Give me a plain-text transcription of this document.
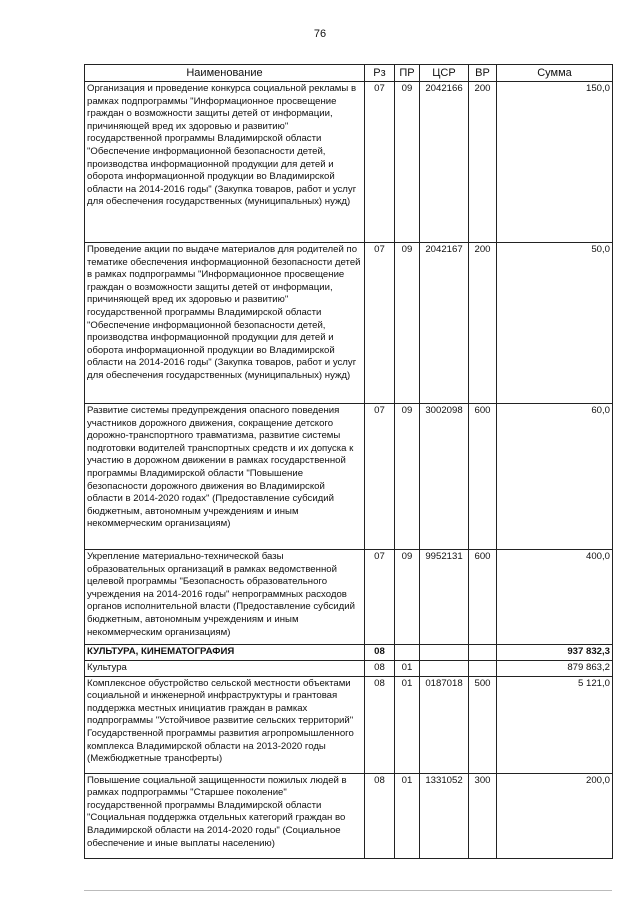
76
Наименование	Рз	ПР	ЦСР	ВР	Сумма
Организация и проведение конкурса социальной рекламы в рамках подпрограммы "Информационное просвещение граждан о возможности защиты детей от информации, причиняющей вред их здоровью и развитию" государственной программы Владимирской области "Обеспечение информационной безопасности детей, производства информационной продукции для детей и оборота информационной продукции во Владимирской области на 2014-2016 годы" (Закупка товаров, работ и услуг для обеспечения государственных (муниципальных) нужд)	07	09	2042166	200	150,0
Проведение акции по выдаче материалов для родителей по тематике обеспечения информационной безопасности детей в рамках подпрограммы "Информационное просвещение граждан о возможности защиты детей от информации, причиняющей вред их здоровью и развитию" государственной программы Владимирской области "Обеспечение информационной безопасности детей, производства информационной продукции для детей и оборота информационной продукции во Владимирской области на 2014-2016 годы" (Закупка товаров, работ и услуг для обеспечения государственных (муниципальных) нужд)	07	09	2042167	200	50,0
Развитие системы предупреждения опасного поведения участников дорожного движения, сокращение детского дорожно-транспортного травматизма, развитие системы подготовки водителей транспортных средств и их допуска к участию в дорожном движении в рамках государственной программы Владимирской области "Повышение безопасности дорожного движения во Владимирской области в 2014-2020 годах" (Предоставление субсидий бюджетным, автономным учреждениям и иным некоммерческим организациям)	07	09	3002098	600	60,0
Укрепление материально-технической базы образовательных организаций в рамках ведомственной целевой программы "Безопасность образовательного учреждения на 2014-2016 годы" непрограммных расходов органов исполнительной власти (Предоставление субсидий бюджетным, автономным учреждениям и иным некоммерческим организациям)	07	09	9952131	600	400,0
КУЛЬТУРА, КИНЕМАТОГРАФИЯ	08				937 832,3
Культура	08	01			879 863,2
Комплексное обустройство сельской местности объектами социальной и инженерной инфраструктуры и грантовая поддержка местных инициатив граждан в рамках подпрограммы "Устойчивое развитие сельских территорий" Государственной программы развития агропромышленного комплекса Владимирской области на 2013-2020 годы (Межбюджетные трансферты)	08	01	0187018	500	5 121,0
Повышение социальной защищенности пожилых людей в рамках подпрограммы "Старшее поколение" государственной программы Владимирской области "Социальная поддержка отдельных категорий граждан во Владимирской области на 2014-2020 годы" (Социальное обеспечение и иные выплаты населению)	08	01	1331052	300	200,0
